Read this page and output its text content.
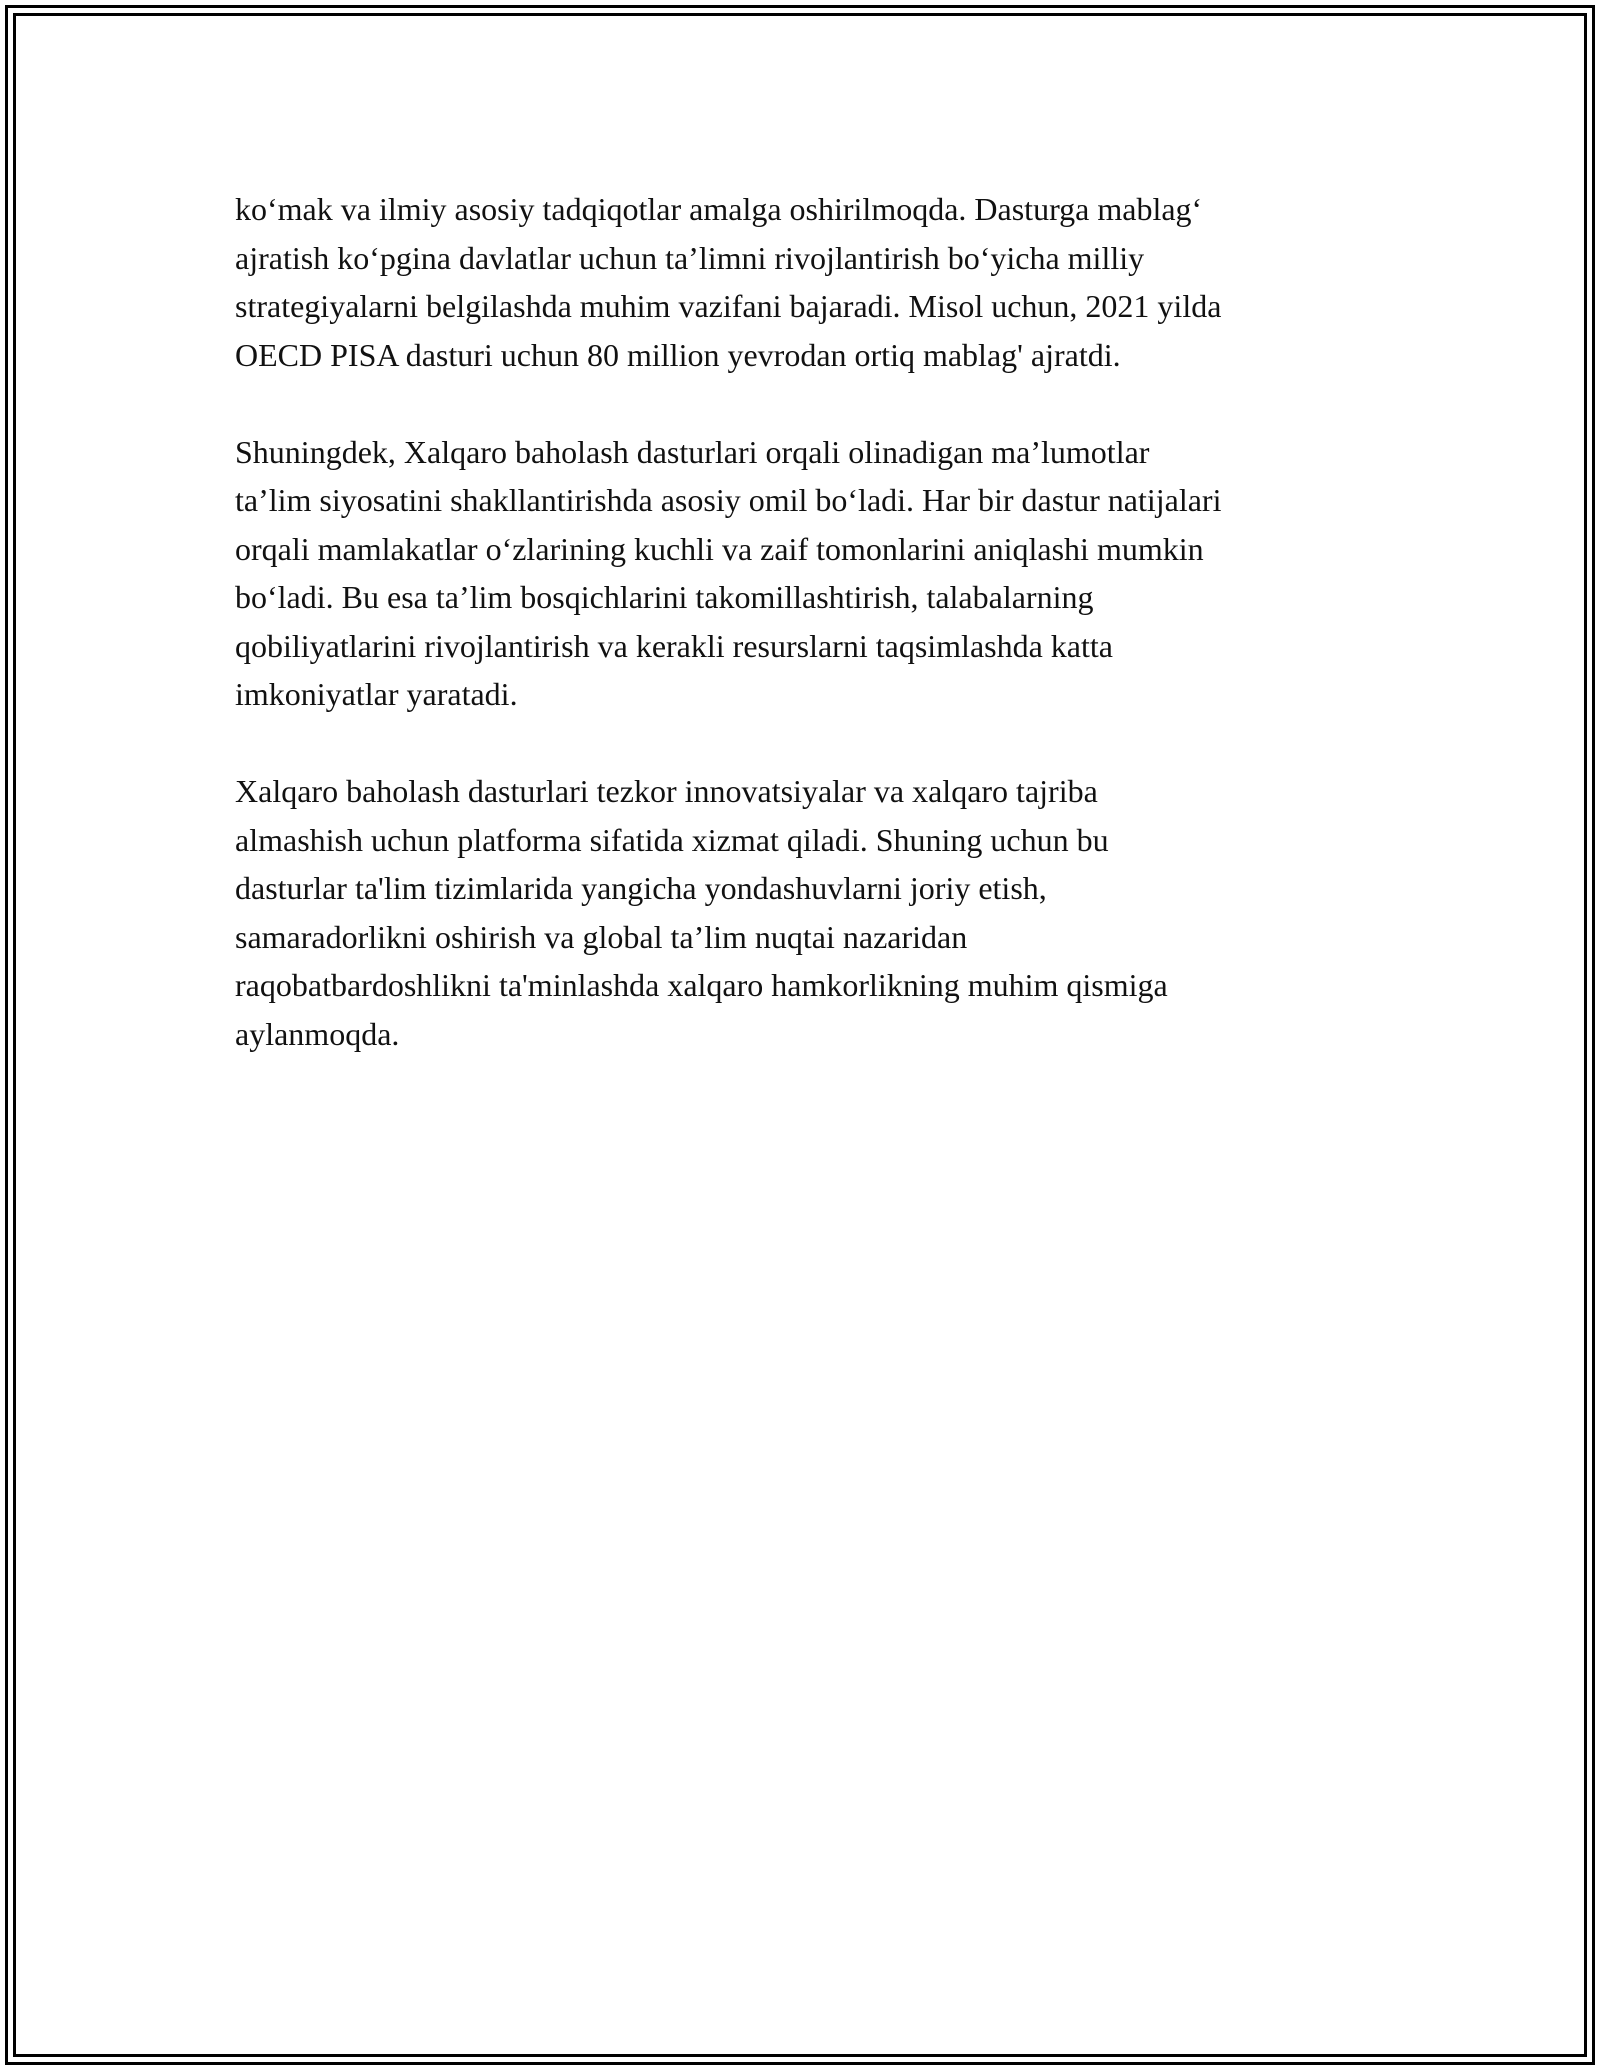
ko‘mak va ilmiy asosiy tadqiqotlar amalga oshirilmoqda. Dasturga mablag‘
ajratish ko‘pgina davlatlar uchun ta’limni rivojlantirish bo‘yicha milliy
strategiyalarni belgilashda muhim vazifani bajaradi. Misol uchun, 2021 yilda
OECD PISA dasturi uchun 80 million yevrodan ortiq mablag' ajratdi.

Shuningdek, Xalqaro baholash dasturlari orqali olinadigan ma’lumotlar
ta’lim siyosatini shakllantirishda asosiy omil bo‘ladi. Har bir dastur natijalari
orqali mamlakatlar o‘zlarining kuchli va zaif tomonlarini aniqlashi mumkin
bo‘ladi. Bu esa ta’lim bosqichlarini takomillashtirish, talabalarning
qobiliyatlarini rivojlantirish va kerakli resurslarni taqsimlashda katta
imkoniyatlar yaratadi.

Xalqaro baholash dasturlari tezkor innovatsiyalar va xalqaro tajriba
almashish uchun platforma sifatida xizmat qiladi. Shuning uchun bu
dasturlar ta'lim tizimlarida yangicha yondashuvlarni joriy etish,
samaradorlikni oshirish va global ta’lim nuqtai nazaridan
raqobatbardoshlikni ta'minlashda xalqaro hamkorlikning muhim qismiga
aylanmoqda.
